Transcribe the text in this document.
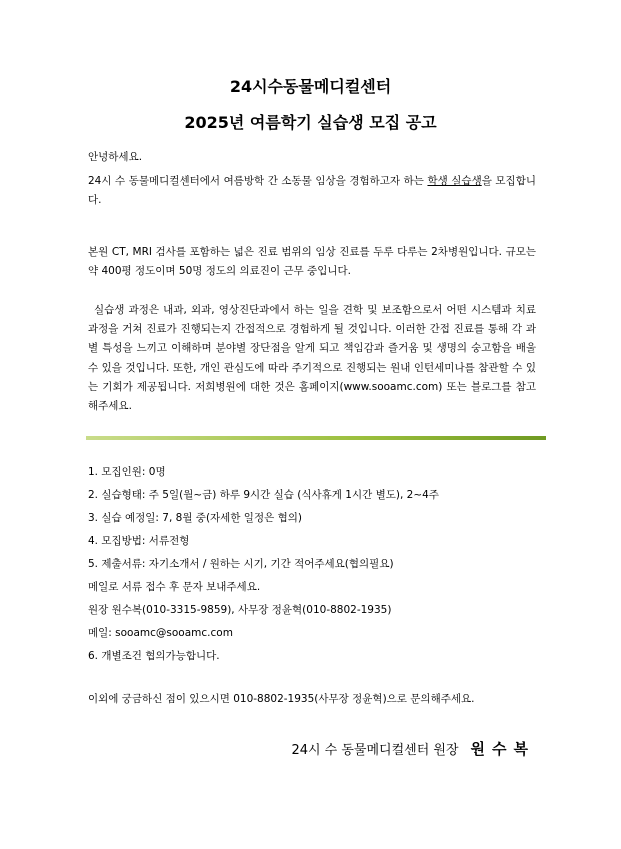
24시수동물메디컬센터
2025년 여름학기 실습생 모집 공고
안녕하세요.
24시 수 동물메디컬센터에서 여름방학 간 소동물 임상을 경험하고자 하는 학생 실습생을 모집합니다.
본원 CT, MRI 검사를 포함하는 넓은 진료 범위의 임상 진료를 두루 다루는 2차병원입니다. 규모는 약 400평 정도이며 50명 정도의 의료진이 근무 중입니다.
실습생 과정은 내과, 외과, 영상진단과에서 하는 일을 견학 및 보조함으로서 어떤 시스템과 치료 과정을 거쳐 진료가 진행되는지 간접적으로 경험하게 될 것입니다. 이러한 간접 진료를 통해 각 과별 특성을 느끼고 이해하며 분야별 장단점을 알게 되고 책임감과 즐거움 및 생명의 숭고함을 배울 수 있을 것입니다. 또한, 개인 관심도에 따라 주기적으로 진행되는 원내 인턴세미나를 참관할 수 있는 기회가 제공됩니다. 저희병원에 대한 것은 홈페이지(www.sooamc.com) 또는 블로그를 참고 해주세요.
1. 모집인원: 0명
2. 실습형태: 주 5일(월~금) 하루 9시간 실습 (식사휴게 1시간 별도), 2~4주
3. 실습 예정일: 7, 8월 중(자세한 일정은 협의)
4. 모집방법: 서류전형
5. 제출서류: 자기소개서 / 원하는 시기, 기간 적어주세요(협의필요)
메일로 서류 접수 후 문자 보내주세요.
원장 원수복(010-3315-9859), 사무장 정윤혁(010-8802-1935)
메일: sooamc@sooamc.com
6. 개별조건 협의가능합니다.
이외에 궁금하신 점이 있으시면 010-8802-1935(사무장 정윤혁)으로 문의해주세요.
24시 수 동물메디컬센터 원장 원수복
